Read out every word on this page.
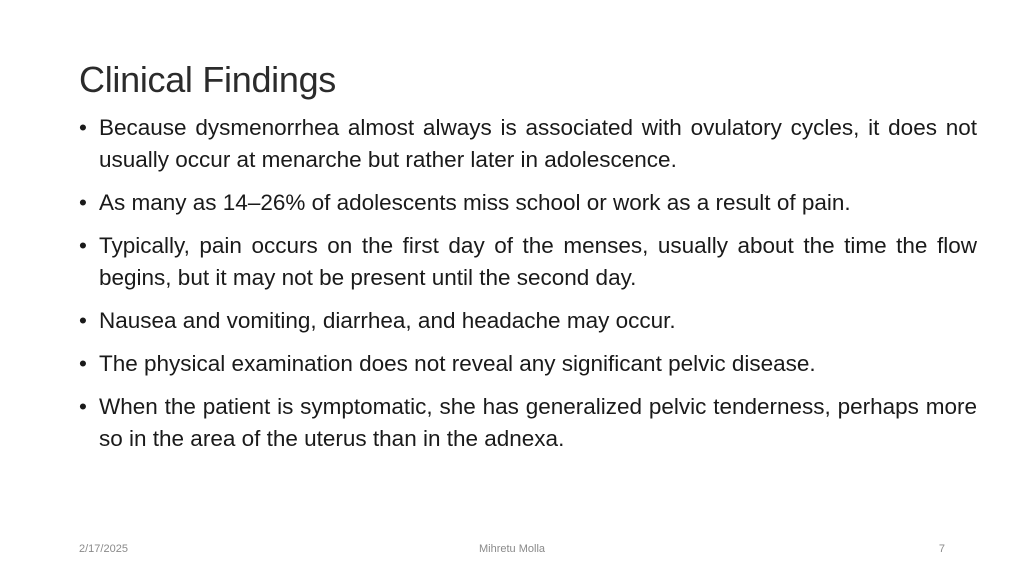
Clinical Findings
• Because dysmenorrhea almost always is associated with ovulatory cycles, it does not usually occur at menarche but rather later in adolescence.
• As many as 14–26% of adolescents miss school or work as a result of pain.
• Typically, pain occurs on the first day of the menses, usually about the time the flow begins, but it may not be present until the second day.
• Nausea and vomiting, diarrhea, and headache may occur.
• The physical examination does not reveal any significant pelvic disease.
• When the patient is symptomatic, she has generalized pelvic tenderness, perhaps more so in the area of the uterus than in the adnexa.
Mihretu Molla
2/17/2025	7
